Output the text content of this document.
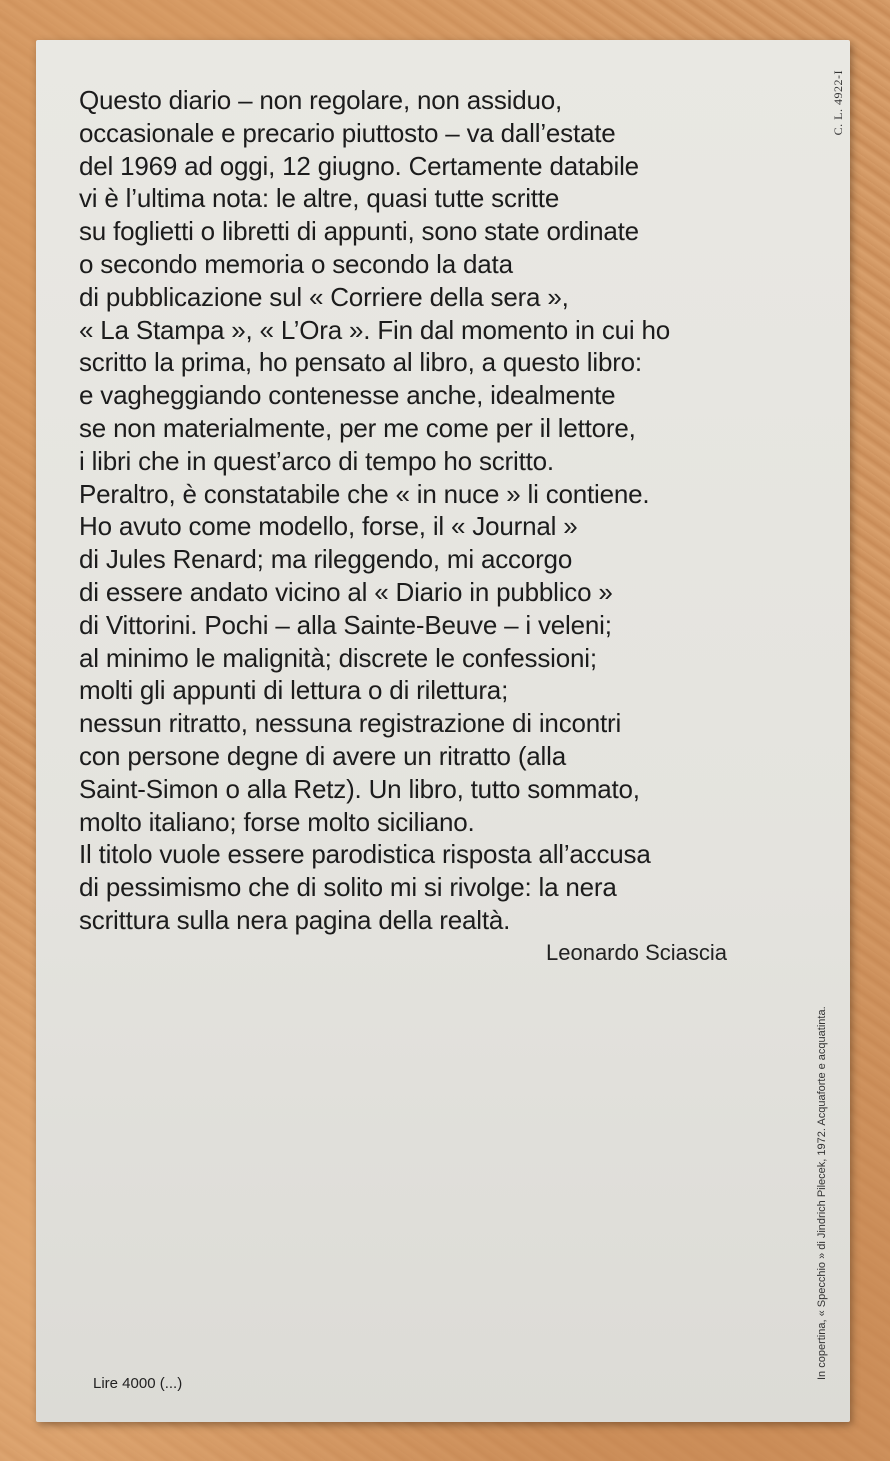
C. L. 4922-I

Questo diario – non regolare, non assiduo,
occasionale e precario piuttosto – va dall’estate
del 1969 ad oggi, 12 giugno. Certamente databile
vi è l’ultima nota: le altre, quasi tutte scritte
su foglietti o libretti di appunti, sono state ordinate
o secondo memoria o secondo la data
di pubblicazione sul « Corriere della sera »,
« La Stampa », « L’Ora ». Fin dal momento in cui ho
scritto la prima, ho pensato al libro, a questo libro:
e vagheggiando contenesse anche, idealmente
se non materialmente, per me come per il lettore,
i libri che in quest’arco di tempo ho scritto.
Peraltro, è constatabile che « in nuce » li contiene.
Ho avuto come modello, forse, il « Journal »
di Jules Renard; ma rileggendo, mi accorgo
di essere andato vicino al « Diario in pubblico »
di Vittorini. Pochi – alla Sainte-Beuve – i veleni;
al minimo le malignità; discrete le confessioni;
molti gli appunti di lettura o di rilettura;
nessun ritratto, nessuna registrazione di incontri
con persone degne di avere un ritratto (alla
Saint-Simon o alla Retz). Un libro, tutto sommato,
molto italiano; forse molto siciliano.
Il titolo vuole essere parodistica risposta all’accusa
di pessimismo che di solito mi si rivolge: la nera
scrittura sulla nera pagina della realtà.

Leonardo Sciascia
In copertina, « Specchio » di Jindrich Pilecek, 1972. Acquaforte e acquatinta.
Lire 4000 (...)
